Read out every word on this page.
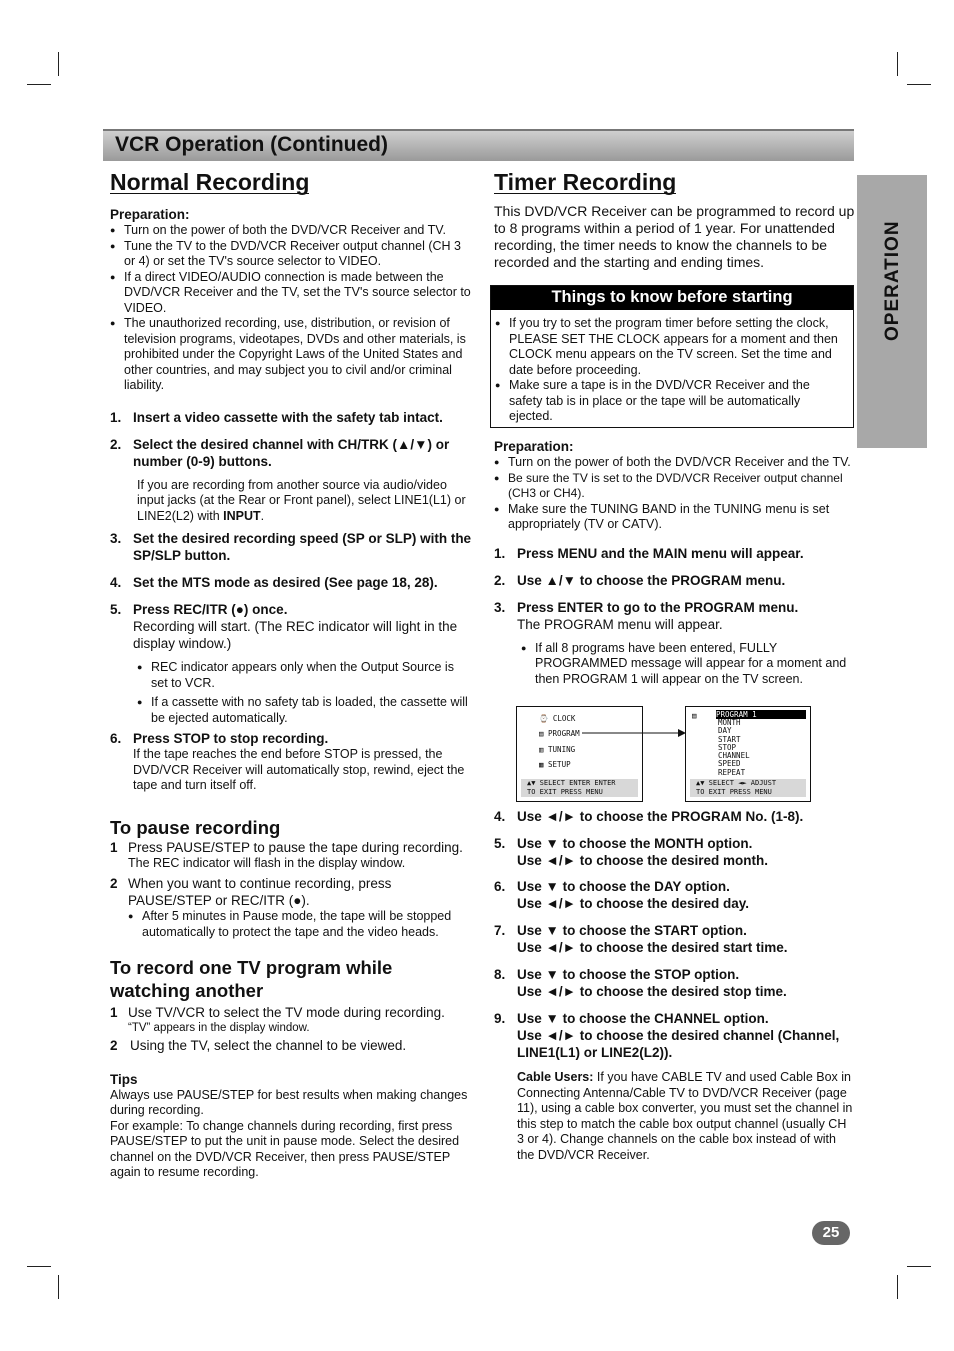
VCR Operation (Continued)
OPERATION
Normal Recording
Preparation:
● Turn on the power of both the DVD/VCR Receiver and TV.
● Tune the TV to the DVD/VCR Receiver output channel (CH 3 or 4) or set the TV's source selector to VIDEO.
● If a direct VIDEO/AUDIO connection is made between the DVD/VCR Receiver and the TV, set the TV's source selector to VIDEO.
● The unauthorized recording, use, distribution, or revision of television programs, videotapes, DVDs and other materials, is prohibited under the Copyright Laws of the United States and other countries, and may subject you to civil and/or criminal liability.
1. Insert a video cassette with the safety tab intact.
2. Select the desired channel with CH/TRK (▲/▼) or number (0-9) buttons.
If you are recording from another source via audio/video input jacks (at the Rear or Front panel), select LINE1(L1) or LINE2(L2) with INPUT.
3. Set the desired recording speed (SP or SLP) with the SP/SLP button.
4. Set the MTS mode as desired (See page 18, 28).
5. Press REC/ITR (●) once.
Recording will start. (The REC indicator will light in the display window.)
● REC indicator appears only when the Output Source is set to VCR.
● If a cassette with no safety tab is loaded, the cassette will be ejected automatically.
6. Press STOP to stop recording.
If the tape reaches the end before STOP is pressed, the DVD/VCR Receiver will automatically stop, rewind, eject the tape and turn itself off.
To pause recording
1 Press PAUSE/STEP to pause the tape during recording.
The REC indicator will flash in the display window.
2 When you want to continue recording, press PAUSE/STEP or REC/ITR (●).
● After 5 minutes in Pause mode, the tape will be stopped automatically to protect the tape and the video heads.
To record one TV program while watching another
1 Use TV/VCR to select the TV mode during recording.
“TV” appears in the display window.
2 Using the TV, select the channel to be viewed.
Tips
Always use PAUSE/STEP for best results when making changes during recording.
For example: To change channels during recording, first press PAUSE/STEP to put the unit in pause mode. Select the desired channel on the DVD/VCR Receiver, then press PAUSE/STEP again to resume recording.
Timer Recording
This DVD/VCR Receiver can be programmed to record up to 8 programs within a period of 1 year. For unattended recording, the timer needs to know the channels to be recorded and the starting and ending times.
Things to know before starting
● If you try to set the program timer before setting the clock, PLEASE SET THE CLOCK appears for a moment and then CLOCK menu appears on the TV screen. Set the time and date before proceeding.
● Make sure a tape is in the DVD/VCR Receiver and the safety tab is in place or the tape will be automatically ejected.
Preparation:
● Turn on the power of both the DVD/VCR Receiver and the TV.
● Be sure the TV is set to the DVD/VCR Receiver output channel (CH3 or CH4).
● Make sure the TUNING BAND in the TUNING menu is set appropriately (TV or CATV).
1. Press MENU and the MAIN menu will appear.
2. Use ▲/▼ to choose the PROGRAM menu.
3. Press ENTER to go to the PROGRAM menu.
The PROGRAM menu will appear.
● If all 8 programs have been entered, FULLY PROGRAMMED message will appear for a moment and then PROGRAM 1 will appear on the TV screen.
⌚ CLOCK
▤ PROGRAM
▥ TUNING
▦ SETUP
▲▼ SELECT ENTER ENTER
TO EXIT PRESS MENU
PROGRAM 1
MONTH
DAY
START
STOP
CHANNEL
SPEED
REPEAT
▤
▲▼ SELECT ◄► ADJUST
TO EXIT PRESS MENU
4. Use ◄/► to choose the PROGRAM No. (1-8).
5. Use ▼ to choose the MONTH option.
Use ◄/► to choose the desired month.
6. Use ▼ to choose the DAY option.
Use ◄/► to choose the desired day.
7. Use ▼ to choose the START option.
Use ◄/► to choose the desired start time.
8. Use ▼ to choose the STOP option.
Use ◄/► to choose the desired stop time.
9. Use ▼ to choose the CHANNEL option.
Use ◄/► to choose the desired channel (Channel, LINE1(L1) or LINE2(L2)).
Cable Users: If you have CABLE TV and used Cable Box in Connecting Antenna/Cable TV to DVD/VCR Receiver (page 11), using a cable box converter, you must set the channel in this step to match the cable box output channel (usually CH 3 or 4). Change channels on the cable box instead of with the DVD/VCR Receiver.
25
